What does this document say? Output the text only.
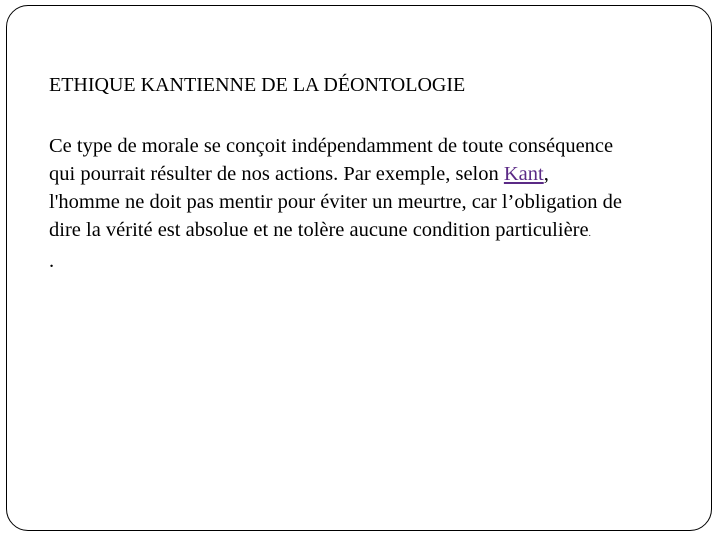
ETHIQUE KANTIENNE DE LA DÉONTOLOGIE
Ce type de morale se conçoit indépendamment de toute conséquence
qui pourrait résulter de nos actions. Par exemple, selon Kant,
l'homme ne doit pas mentir pour éviter un meurtre, car l’obligation de
dire la vérité est absolue et ne tolère aucune condition particulière.
.
